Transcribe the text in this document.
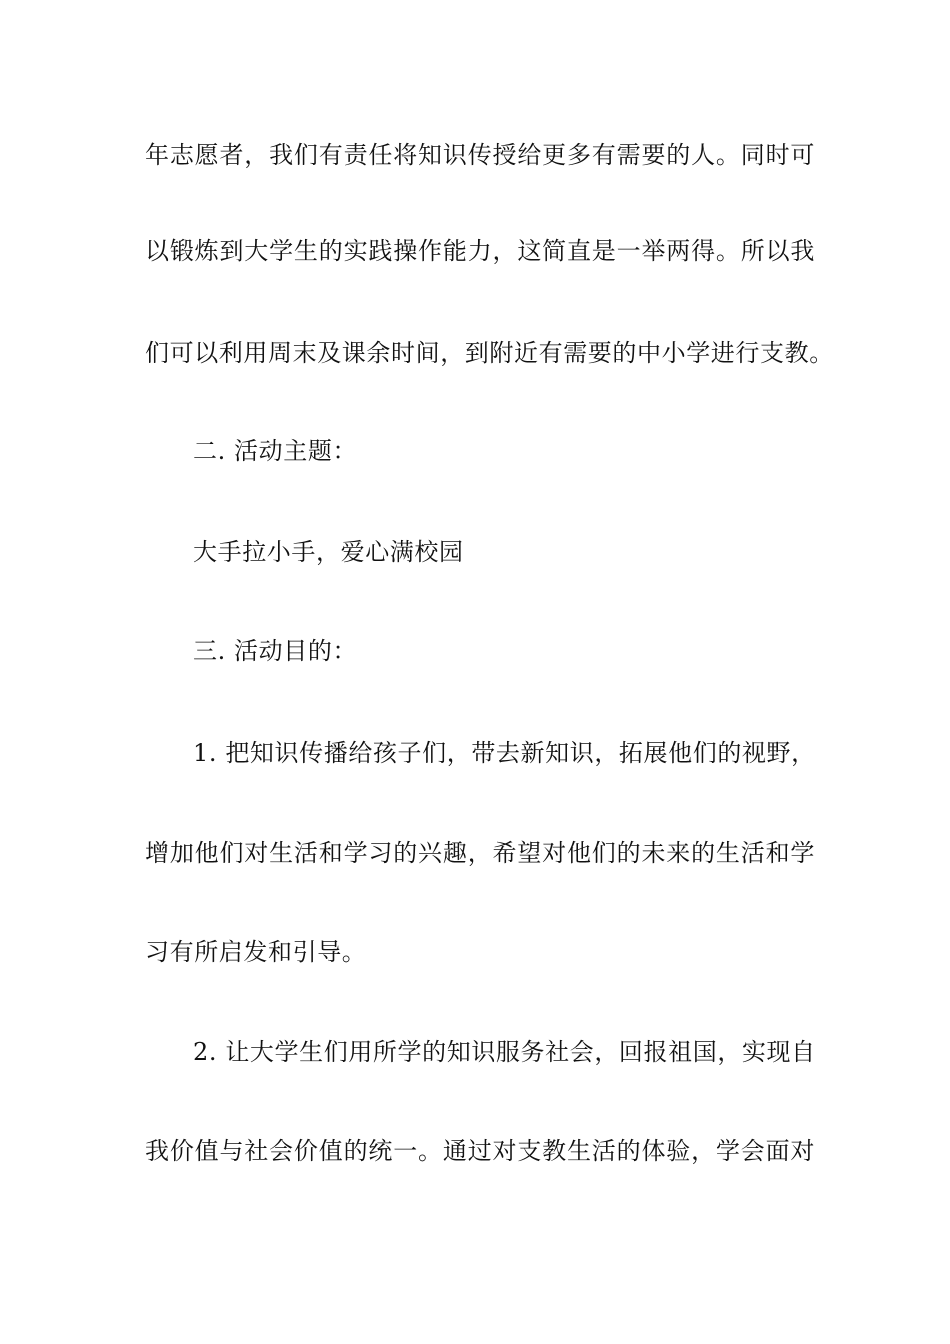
年志愿者，我们有责任将知识传授给更多有需要的人。同时可
以锻炼到大学生的实践操作能力，这简直是一举两得。所以我
们可以利用周末及课余时间，到附近有需要的中小学进行支教。
二. 活动主题：
大手拉小手，爱心满校园
三. 活动目的：
1. 把知识传播给孩子们，带去新知识，拓展他们的视野，
增加他们对生活和学习的兴趣，希望对他们的未来的生活和学
习有所启发和引导。
2. 让大学生们用所学的知识服务社会，回报祖国，实现自
我价值与社会价值的统一。通过对支教生活的体验，学会面对
